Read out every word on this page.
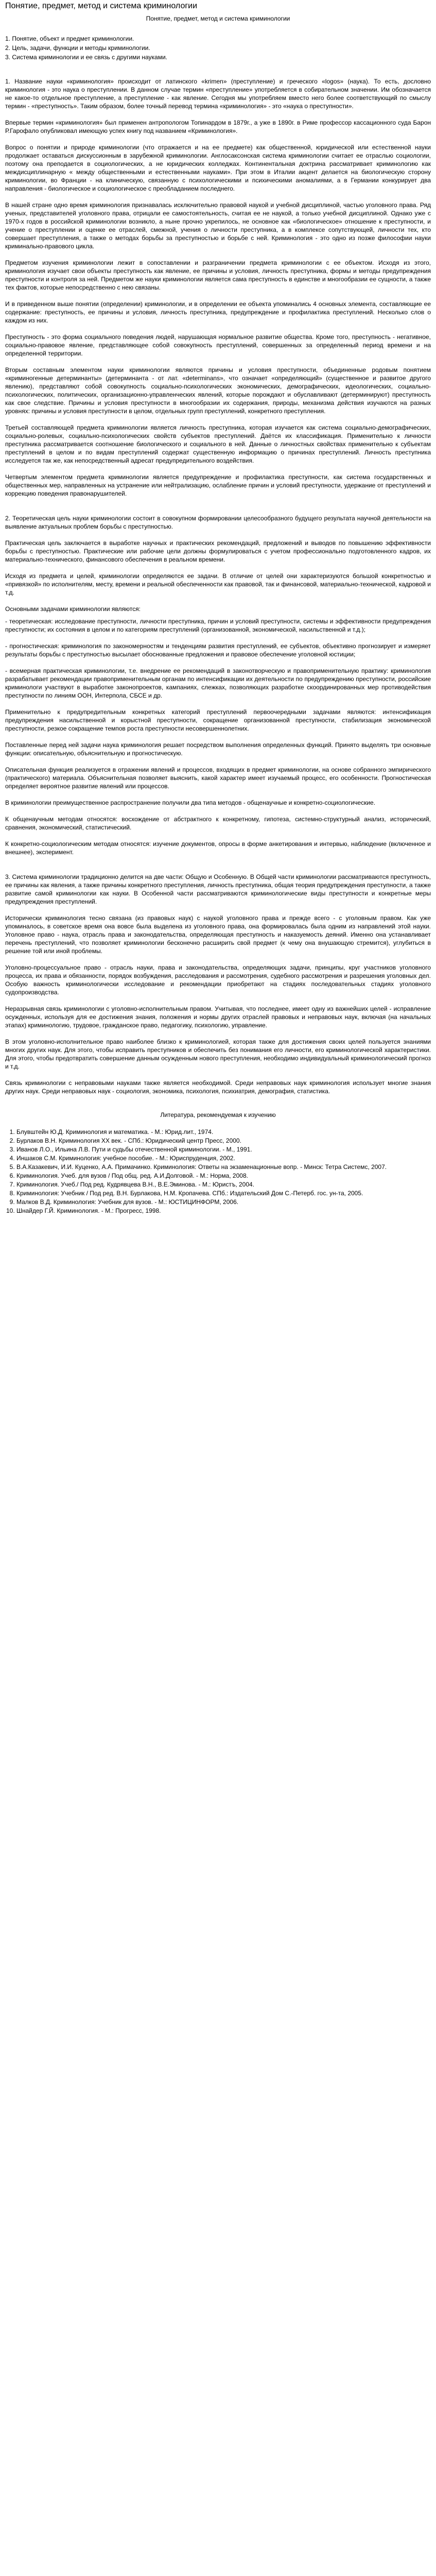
Понятие, предмет, метод и система криминологии
Понятие, предмет, метод и система криминологии
1. Понятие, объект и предмет криминологии.
2. Цель, задачи, функции и методы криминологии.
3. Система криминологии и ее связь с другими науками.

1. Название науки «криминология» происходит от латинского «krimen» (преступление) и греческого «logos» (наука). То есть, дословно криминология - это наука о преступлении. В данном случае термин «преступление» употребляется в собирательном значении. Им обозначается не какое-то отдельное преступление, а преступление - как явление. Сегодня мы употребляем вместо него более соответствующий по смыслу термин - «преступность». Таким образом, более точный перевод термина «криминология» - это «наука о преступности».

Впервые термин «криминология» был применен антропологом Топинардом в 1879г., а уже в 1890г. в Риме профессор кассационного суда Барон Р.Гарофало опубликовал имеющую успех книгу под названием «Криминология».

Вопрос о понятии и природе криминологии (что отражается и на ее предмете) как общественной, юридической или естественной науки продолжает оставаться дискуссионным в зарубежной криминологии. Англосаксонская система криминологии считает ее отраслью социологии, поэтому она преподается в социологических, а не юридических колледжах. Континентальная доктрина рассматривает криминологию как междисциплинарную « между общественными и естественными науками». При этом в Италии акцент делается на биологическую сторону криминологии, во Франции - на клиническую, связанную с психологическими и психическими аномалиями, а в Германии конкурирует два направления - биологическое и социологическое с преобладанием последнего.

В нашей стране одно время криминология признавалась исключительно правовой наукой и учебной дисциплиной, частью уголовного права. Ряд ученых, представителей уголовного права, отрицали ее самостоятельность, считая ее не наукой, а только учебной дисциплиной. Однако уже с 1970-х годов в российской криминологии возникло, а ныне прочно укрепилось, не основное как «биологическое» отношение к преступности, и учение о преступлении и оценке ее отраслей, смежной, учения о личности преступника, а в комплексе сопутствующей, личности тех, кто совершает преступления, а также о методах борьбы за преступностью и борьбе с ней. Криминология - это одно из позже философии науки криминально-правового цикла.

Предметом изучения криминологии лежит в сопоставлении и разграничении предмета криминологии с ее объектом. Исходя из этого, криминология изучает свои объекты преступность как явление, ее причины и условия, личность преступника, формы и методы предупреждения преступности и контроля за ней. Предметом же науки криминологии является сама преступность в единстве и многообразии ее сущности, а также тех фактов, которые непосредственно с нею связаны.

И в приведенном выше понятии (определении) криминологии, и в определении ее объекта упоминались 4 основных элемента, составляющие ее содержание: преступность, ее причины и условия, личность преступника, предупреждение и профилактика преступлений. Несколько слов о каждом из них.

Преступность - это форма социального поведения людей, нарушающая нормальное развитие общества. Кроме того, преступность - негативное, социально-правовое явление, представляющее собой совокупность преступлений, совершенных за определенный период времени и на определенной территории.

Вторым составным элементом науки криминологии являются причины и условия преступности, объединенные родовым понятием «криминогенные детерминанты» (детерминанта - от лат. «determinans», что означает «определяющий» (существенное и развитое другого явлению), представляют собой совокупность социально-психологических экономических, демографических, идеологических, социально-психологических, политических, организационно-управленческих явлений, которые порождают и обуславливают (детерминируют) преступность как свое следствие. Причины и условия преступности в многообразии их содержания, природы, механизма действия изучаются на разных уровнях: причины и условия преступности в целом, отдельных групп преступлений, конкретного преступления.

Третьей составляющей предмета криминологии является личность преступника, которая изучается как система социально-демографических, социально-ролевых, социально-психологических свойств субъектов преступлений. Даётся их классификация. Применительно к личности преступника рассматривается соотношение биологического и социального в ней. Данные о личностных свойствах применительно к субъектам преступлений в целом и по видам преступлений содержат существенную информацию о причинах преступлений. Личность преступника исследуется так же, как непосредственный адресат предупредительного воздействия.

Четвертым элементом предмета криминологии является предупреждение и профилактика преступности, как система государственных и общественных мер, направленных на устранение или нейтрализацию, ослабление причин и условий преступности, удержание от преступлений и коррекцию поведения правонарушителей.

2. Теоретическая цель науки криминологии состоит в совокупном формировании целесообразного будущего результата научной деятельности на выявление актуальных проблем борьбы с преступностью.

Практическая цель заключается в выработке научных и практических рекомендаций, предложений и выводов по повышению эффективности борьбы с преступностью. Практические или рабочие цели должны формулироваться с учетом профессионально подготовленного кадров, их материально-технического, финансового обеспечения в реальном времени.

Исходя из предмета и целей, криминологии определяются ее задачи. В отличие от целей они характеризуются большой конкретностью и «привязкой» по исполнителям, месту, времени и реальной обеспеченности как правовой, так и финансовой, материально-технической, кадровой и т.д.

Основными задачами криминологии являются:

- теоретическая: исследование преступности, личности преступника, причин и условий преступности, системы и эффективности предупреждения преступности; их состояния в целом и по категориям преступлений (организованной, экономической, насильственной и т.д.);

- прогностическая: криминология по закономерностям и тенденциям развития преступлений, ее субъектов, объективно прогнозирует и измеряет результаты борьбы с преступностью высылает обоснованные предложения и правовое обеспечение уголовной юстиции;

- всемерная практическая криминологии, т.е. внедрение ее рекомендаций в законотворческую и правоприменительную практику: криминология разрабатывает рекомендации правоприменительным органам по интенсификации их деятельности по предупреждению преступности, российские криминологи участвуют в выработке законопроектов, кампаниях, слежках, позволяющих разработке скоординированных мер противодействия преступности по линиям ООН, Интерпола, СБСЕ и др.

Применительно к предупредительным конкретных категорий преступлений первоочередными задачами являются: интенсификация предупреждения насильственной и корыстной преступности, сокращение организованной преступности, стабилизация экономической преступности, резкое сокращение темпов роста преступности несовершеннолетних.

Поставленные перед ней задачи наука криминология решает посредством выполнения определенных функций. Принято выделять три основные функции: описательную, объяснительную и прогностическую.

Описательная функция реализуется в отражении явлений и процессов, входящих в предмет криминологии, на основе собранного эмпирического (практического) материала. Объяснительная позволяет выяснить, какой характер имеет изучаемый процесс, его особенности. Прогностическая определяет вероятное развитие явлений или процессов.

В криминологии преимущественное распространение получили два типа методов - общенаучные и конкретно-социологические.

К общенаучным методам относятся: восхождение от абстрактного к конкретному, гипотеза, системно-структурный анализ, исторический, сравнения, экономический, статистический.

К конкретно-социологическим методам относятся: изучение документов, опросы в форме анкетирования и интервью, наблюдение (включенное и внешнее), эксперимент.

3. Система криминологии традиционно делится на две части: Общую и Особенную. В Общей части криминологии рассматриваются преступность, ее причины как явления, а также причины конкретного преступления, личность преступника, общая теория предупреждения преступности, а также развитие самой криминологии как науки. В Особенной части рассматриваются криминологические виды преступности и конкретные меры предупреждения преступлений.

Исторически криминология тесно связана (из правовых наук) с наукой уголовного права и прежде всего - с уголовным правом. Как уже упоминалось, в советское время она вовсе была выделена из уголовного права, она формировалась была одним из направлений этой науки. Уголовное право - наука, отрасль права и законодательства, определяющая преступность и наказуемость деяний. Именно она устанавливает перечень преступлений, что позволяет криминологии бесконечно расширить свой предмет (к чему она внушающую стремится), углубиться в решение той или иной проблемы.

Уголовно-процессуальное право - отрасль науки, права и законодательства, определяющих задачи, принципы, круг участников уголовного процесса, их права и обязанности, порядок возбуждения, расследования и рассмотрения, судебного рассмотрения и разрешения уголовных дел. Особую важность криминологически исследование и рекомендации приобретают на стадиях последовательных стадиях уголовного судопроизводства.

Неразрывная связь криминологии с уголовно-исполнительным правом. Учитывая, что последнее, имеет одну из важнейших целей - исправление осужденных, используя для ее достижения знания, положения и нормы других отраслей правовых и неправовых наук, включая (на начальных этапах) криминологию, трудовое, гражданское право, педагогику, психологию, управление.

В этом уголовно-исполнительное право наиболее близко к криминологией, которая также для достижения своих целей пользуется знаниями многих других наук. Для этого, чтобы исправить преступников и обеспечить без понимания его личности, его криминологической характеристики. Для этого, чтобы предотвратить совершение данным осужденным нового преступления, необходимо индивидуальный криминологический прогноз и т.д.

Связь криминологии с неправовыми науками также является необходимой. Среди неправовых наук криминология использует многие знания других наук. Среди неправовых наук - социология, экономика, психология, психиатрия, демография, статистика.

Литература, рекомендуемая к изучению
1. Блувштейн Ю.Д. Криминология и математика. - М.: Юрид.лит., 1974.
2. Бурлаков В.Н. Криминология XX век. - СПб.: Юридический центр Пресс, 2000.
3. Иванов Л.О., Ильина Л.В. Пути и судьбы отечественной криминологии. - М., 1991.
4. Иншаков С.М. Криминология: учебное пособие. - М.: Юриспруденция, 2002.
5. В.А.Казакевич, И.И. Куценко, А.А. Примачинко. Криминология: Ответы на экзаменационные вопр. - Минск: Тетра Системс, 2007.
6. Криминология. Учеб. для вузов / Под общ. ред. А.И.Долговой. - М.: Норма, 2008.
7. Криминология. Учеб./ Под ред. Кудрявцева В.Н., В.Е.Эминова. - М.: Юристъ, 2004.
8. Криминология: Учебник / Под ред. В.Н. Бурлакова, Н.М. Кропачева. СПб.: Издательский Дом С.-Петерб. гос. ун-та, 2005.
9. Малков В.Д. Криминология: Учебник для вузов. - М.: ЮСТИЦИНФОРМ, 2006.
10. Шнайдер Г.Й. Криминология. - М.: Прогресс, 1998.
